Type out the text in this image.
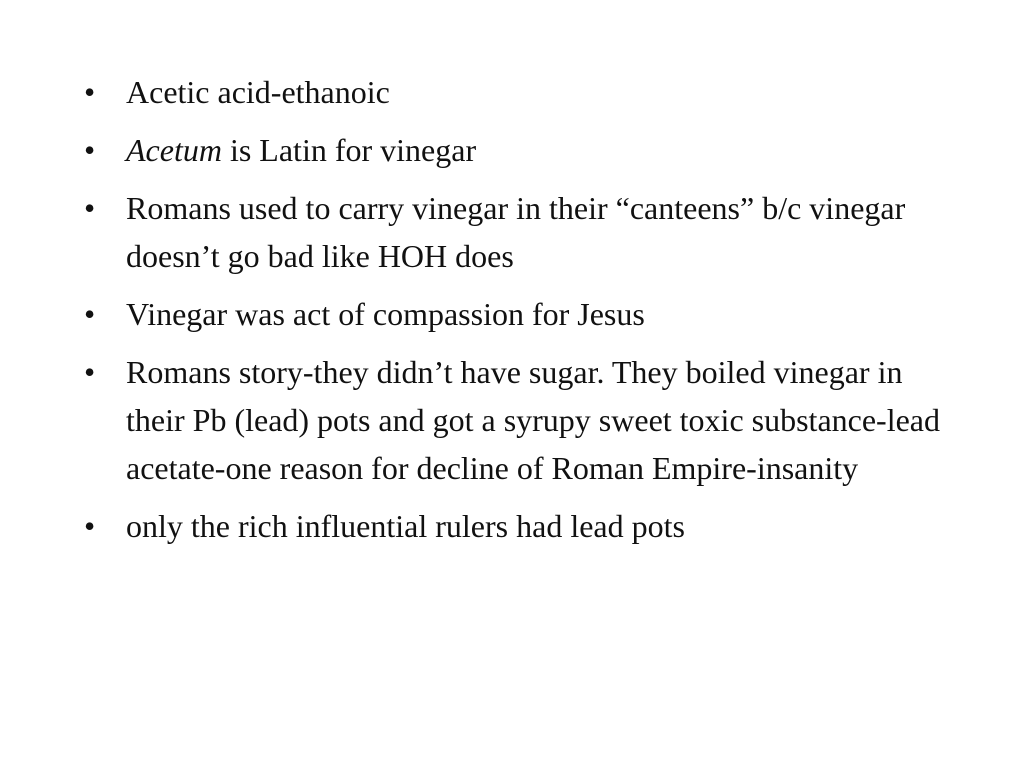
• Acetic acid-ethanoic
• Acetum is Latin for vinegar
• Romans used to carry vinegar in their “canteens” b/c vinegar doesn’t go bad like HOH does
• Vinegar was act of compassion for Jesus
• Romans story-they didn’t have sugar. They boiled vinegar in their Pb (lead) pots and got a syrupy sweet toxic substance-lead acetate-one reason for decline of Roman Empire-insanity
• only the rich influential rulers had lead pots
